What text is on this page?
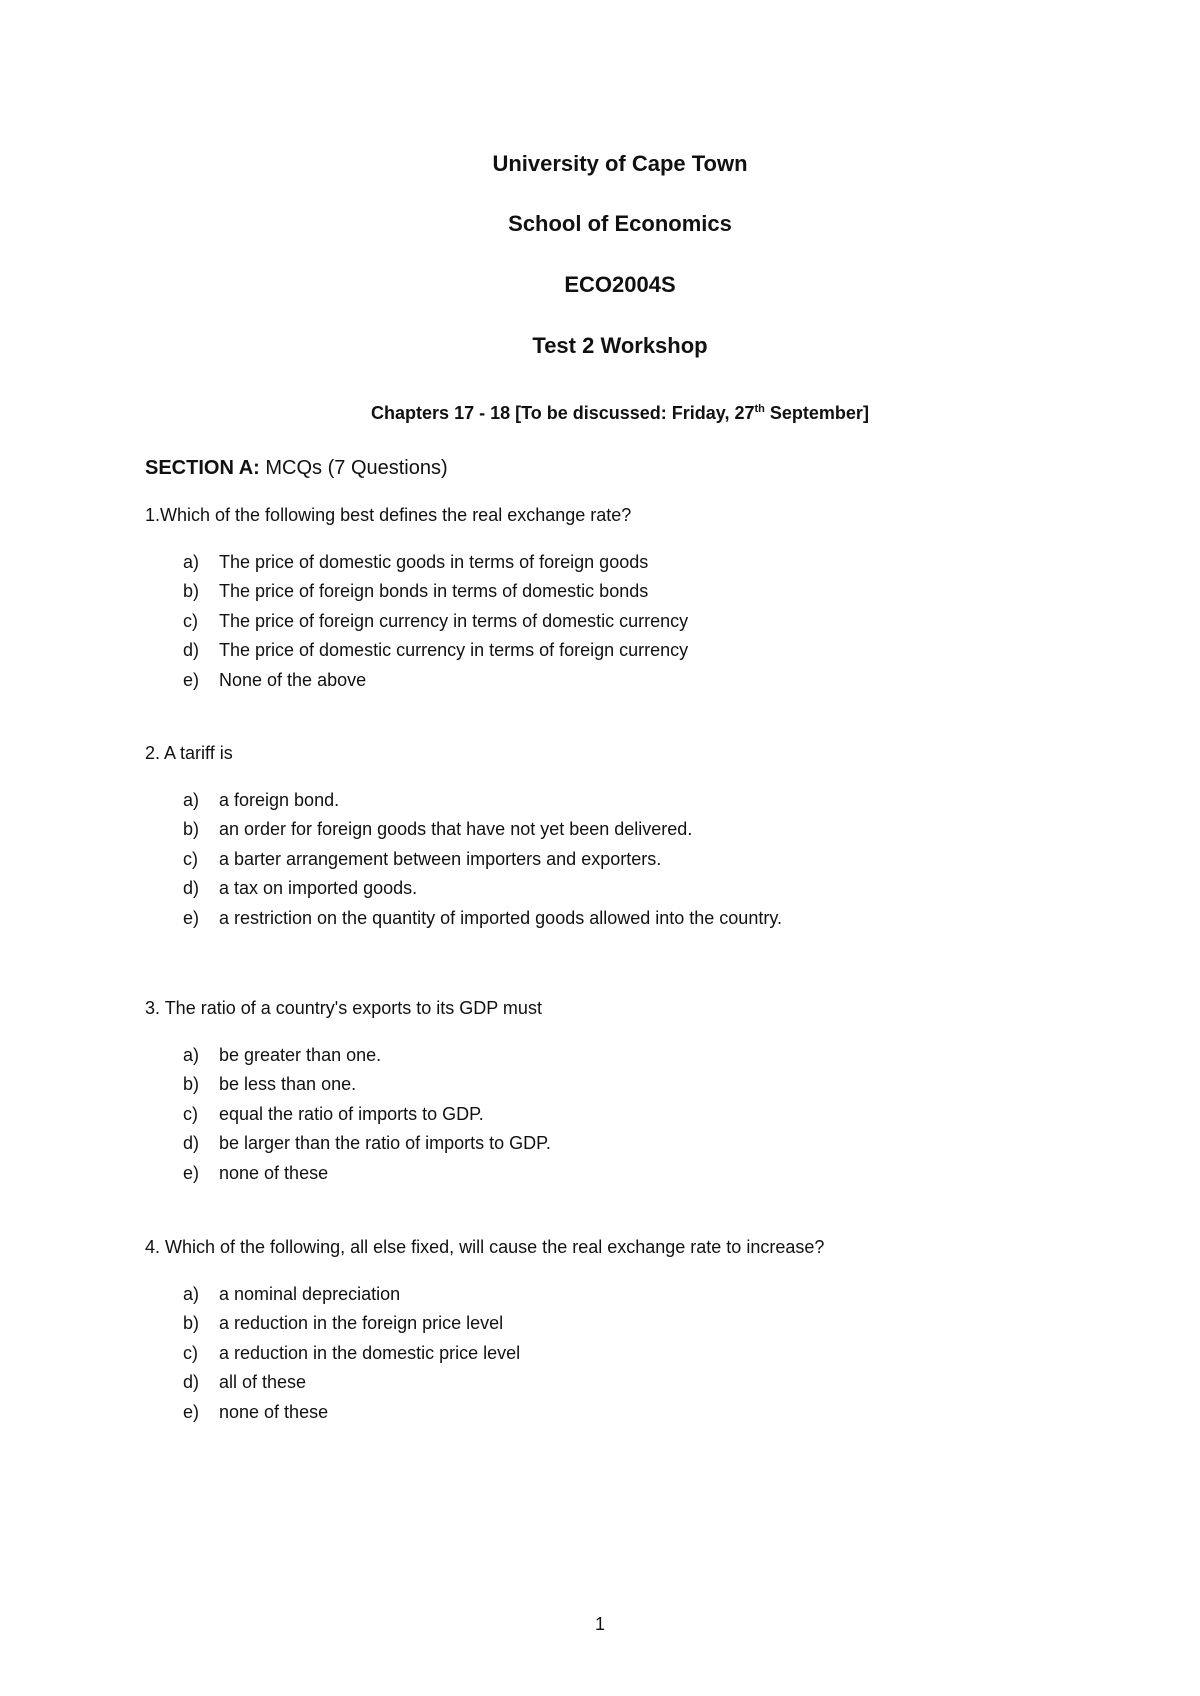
University of Cape Town
School of Economics
ECO2004S
Test 2 Workshop
Chapters 17 - 18 [To be discussed: Friday, 27th September]
SECTION A: MCQs (7 Questions)
1.Which of the following best defines the real exchange rate?
a) The price of domestic goods in terms of foreign goods
b) The price of foreign bonds in terms of domestic bonds
c) The price of foreign currency in terms of domestic currency
d) The price of domestic currency in terms of foreign currency
e) None of the above
2. A tariff is
a) a foreign bond.
b) an order for foreign goods that have not yet been delivered.
c) a barter arrangement between importers and exporters.
d) a tax on imported goods.
e) a restriction on the quantity of imported goods allowed into the country.
3. The ratio of a country's exports to its GDP must
a) be greater than one.
b) be less than one.
c) equal the ratio of imports to GDP.
d) be larger than the ratio of imports to GDP.
e) none of these
4. Which of the following, all else fixed, will cause the real exchange rate to increase?
a) a nominal depreciation
b) a reduction in the foreign price level
c) a reduction in the domestic price level
d) all of these
e) none of these
1
